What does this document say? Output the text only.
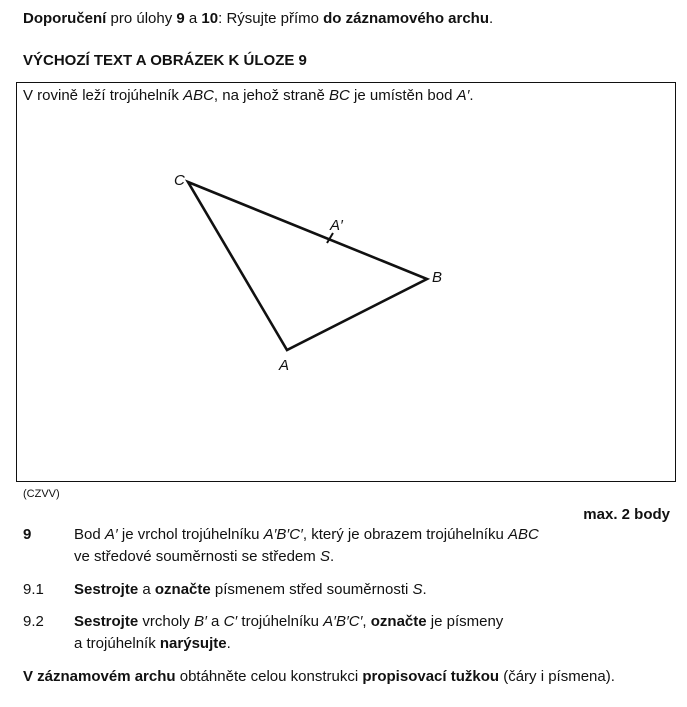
Doporučení pro úlohy 9 a 10: Rýsujte přímo do záznamového archu.
VÝCHOZÍ TEXT A OBRÁZEK K ÚLOZE 9
V rovině leží trojúhelník ABC, na jehož straně BC je umístěn bod A′.
C
B
A
A′
(CZVV)
max. 2 body
9	Bod A′ je vrchol trojúhelníku A′B′C′, který je obrazem trojúhelníku ABC
ve středové souměrnosti se středem S.
9.1 Sestrojte a označte písmenem střed souměrnosti S.
9.2 Sestrojte vrcholy B′ a C′ trojúhelníku A′B′C′, označte je písmeny
a trojúhelník narýsujte.
V záznamovém archu obtáhněte celou konstrukci propisovací tužkou (čáry i písmena).
